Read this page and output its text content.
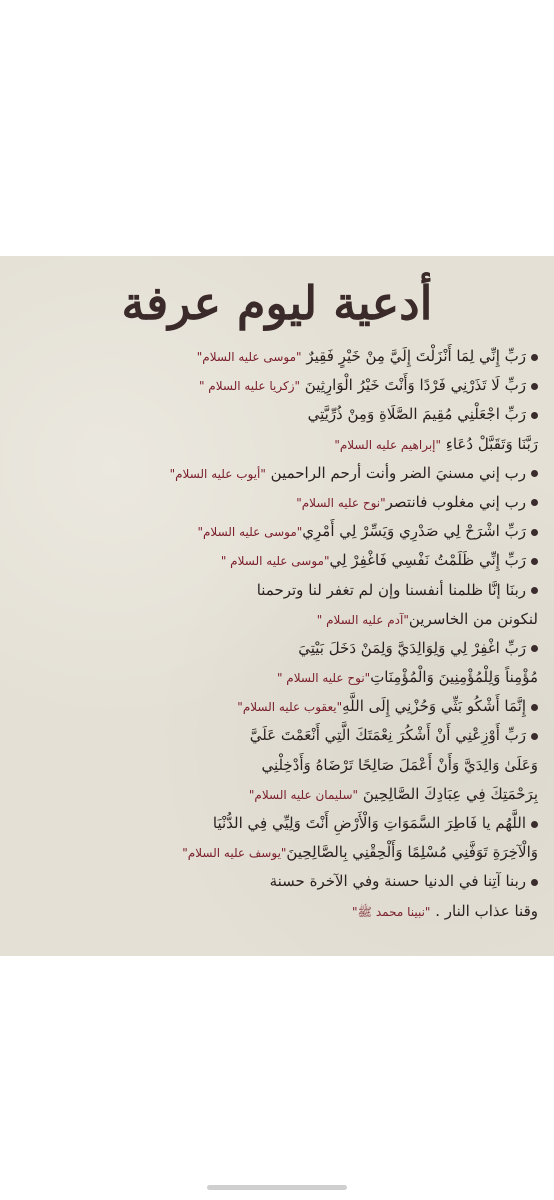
أدعية ليوم عرفة
رَبِّ إِنِّي لِمَا أَنْزَلْتَ إِلَيَّ مِنْ خَيْرٍ فَقِيرٌ "موسى عليه السلام"
رَبِّ لَا تَذَرْنِي فَرْدًا وَأَنْتَ خَيْرُ الْوَارِثِينَ "زكريا عليه السلام "
رَبِّ اجْعَلْنِي مُقِيمَ الصَّلَاةِ وَمِنْ ذُرِّيَّتِي
رَبَّنَا وَتَقَبَّلْ دُعَاءِ "إبراهيم عليه السلام"
رب إني مسنيَ الضر وأنت أرحم الراحمين "أيوب عليه السلام"
رب إني مغلوب فانتصر"نوح عليه السلام"
رَبِّ اشْرَحْ لِي صَدْرِي وَيَسِّرْ لِي أَمْرِي"موسى عليه السلام"
رَبِّ إِنِّي ظَلَمْتُ نَفْسِي فَاغْفِرْ لِي"موسى عليه السلام "
ربنَا إنَّا ظلمنا أنفسنا وإن لم تغفر لنا وترحمنا
لنكونن من الخاسرين"آدم عليه السلام "
رَبِّ اغْفِرْ لِي وَلِوَالِدَيَّ وَلِمَنْ دَخَلَ بَيْتِيَ
مُؤْمِناً وَلِلْمُؤْمِنِينَ وَالْمُؤْمِنَاتِ"نوح عليه السلام "
إِنَّمَا أَشْكُو بَثِّي وَحُزْنِي إِلَى اللَّهِ"يعقوب عليه السلام"
رَبِّ أَوْزِعْنِي أَنْ أَشْكُرَ نِعْمَتَكَ الَّتِي أَنْعَمْتَ عَلَيَّ
وَعَلَىٰ وَالِدَيَّ وَأَنْ أَعْمَلَ صَالِحًا تَرْضَاهُ وَأَدْخِلْنِي
بِرَحْمَتِكَ فِي عِبَادِكَ الصَّالِحِينَ "سليمان عليه السلام"
اللَّهُم يا فَاطِرَ السَّمَوَاتِ وَالْأَرْضِ أَنْتَ وَلِيِّي فِي الدُّنْيَا
وَالْآخِرَةِ تَوَفَّنِي مُسْلِمًا وَأَلْحِقْنِي بِالصَّالِحِينَ"يوسف عليه السلام"
ربنا آتِنا في الدنيا حسنة وفي الآخرة حسنة
وقنا عذاب النار . "نبينا محمد ﷺ"
